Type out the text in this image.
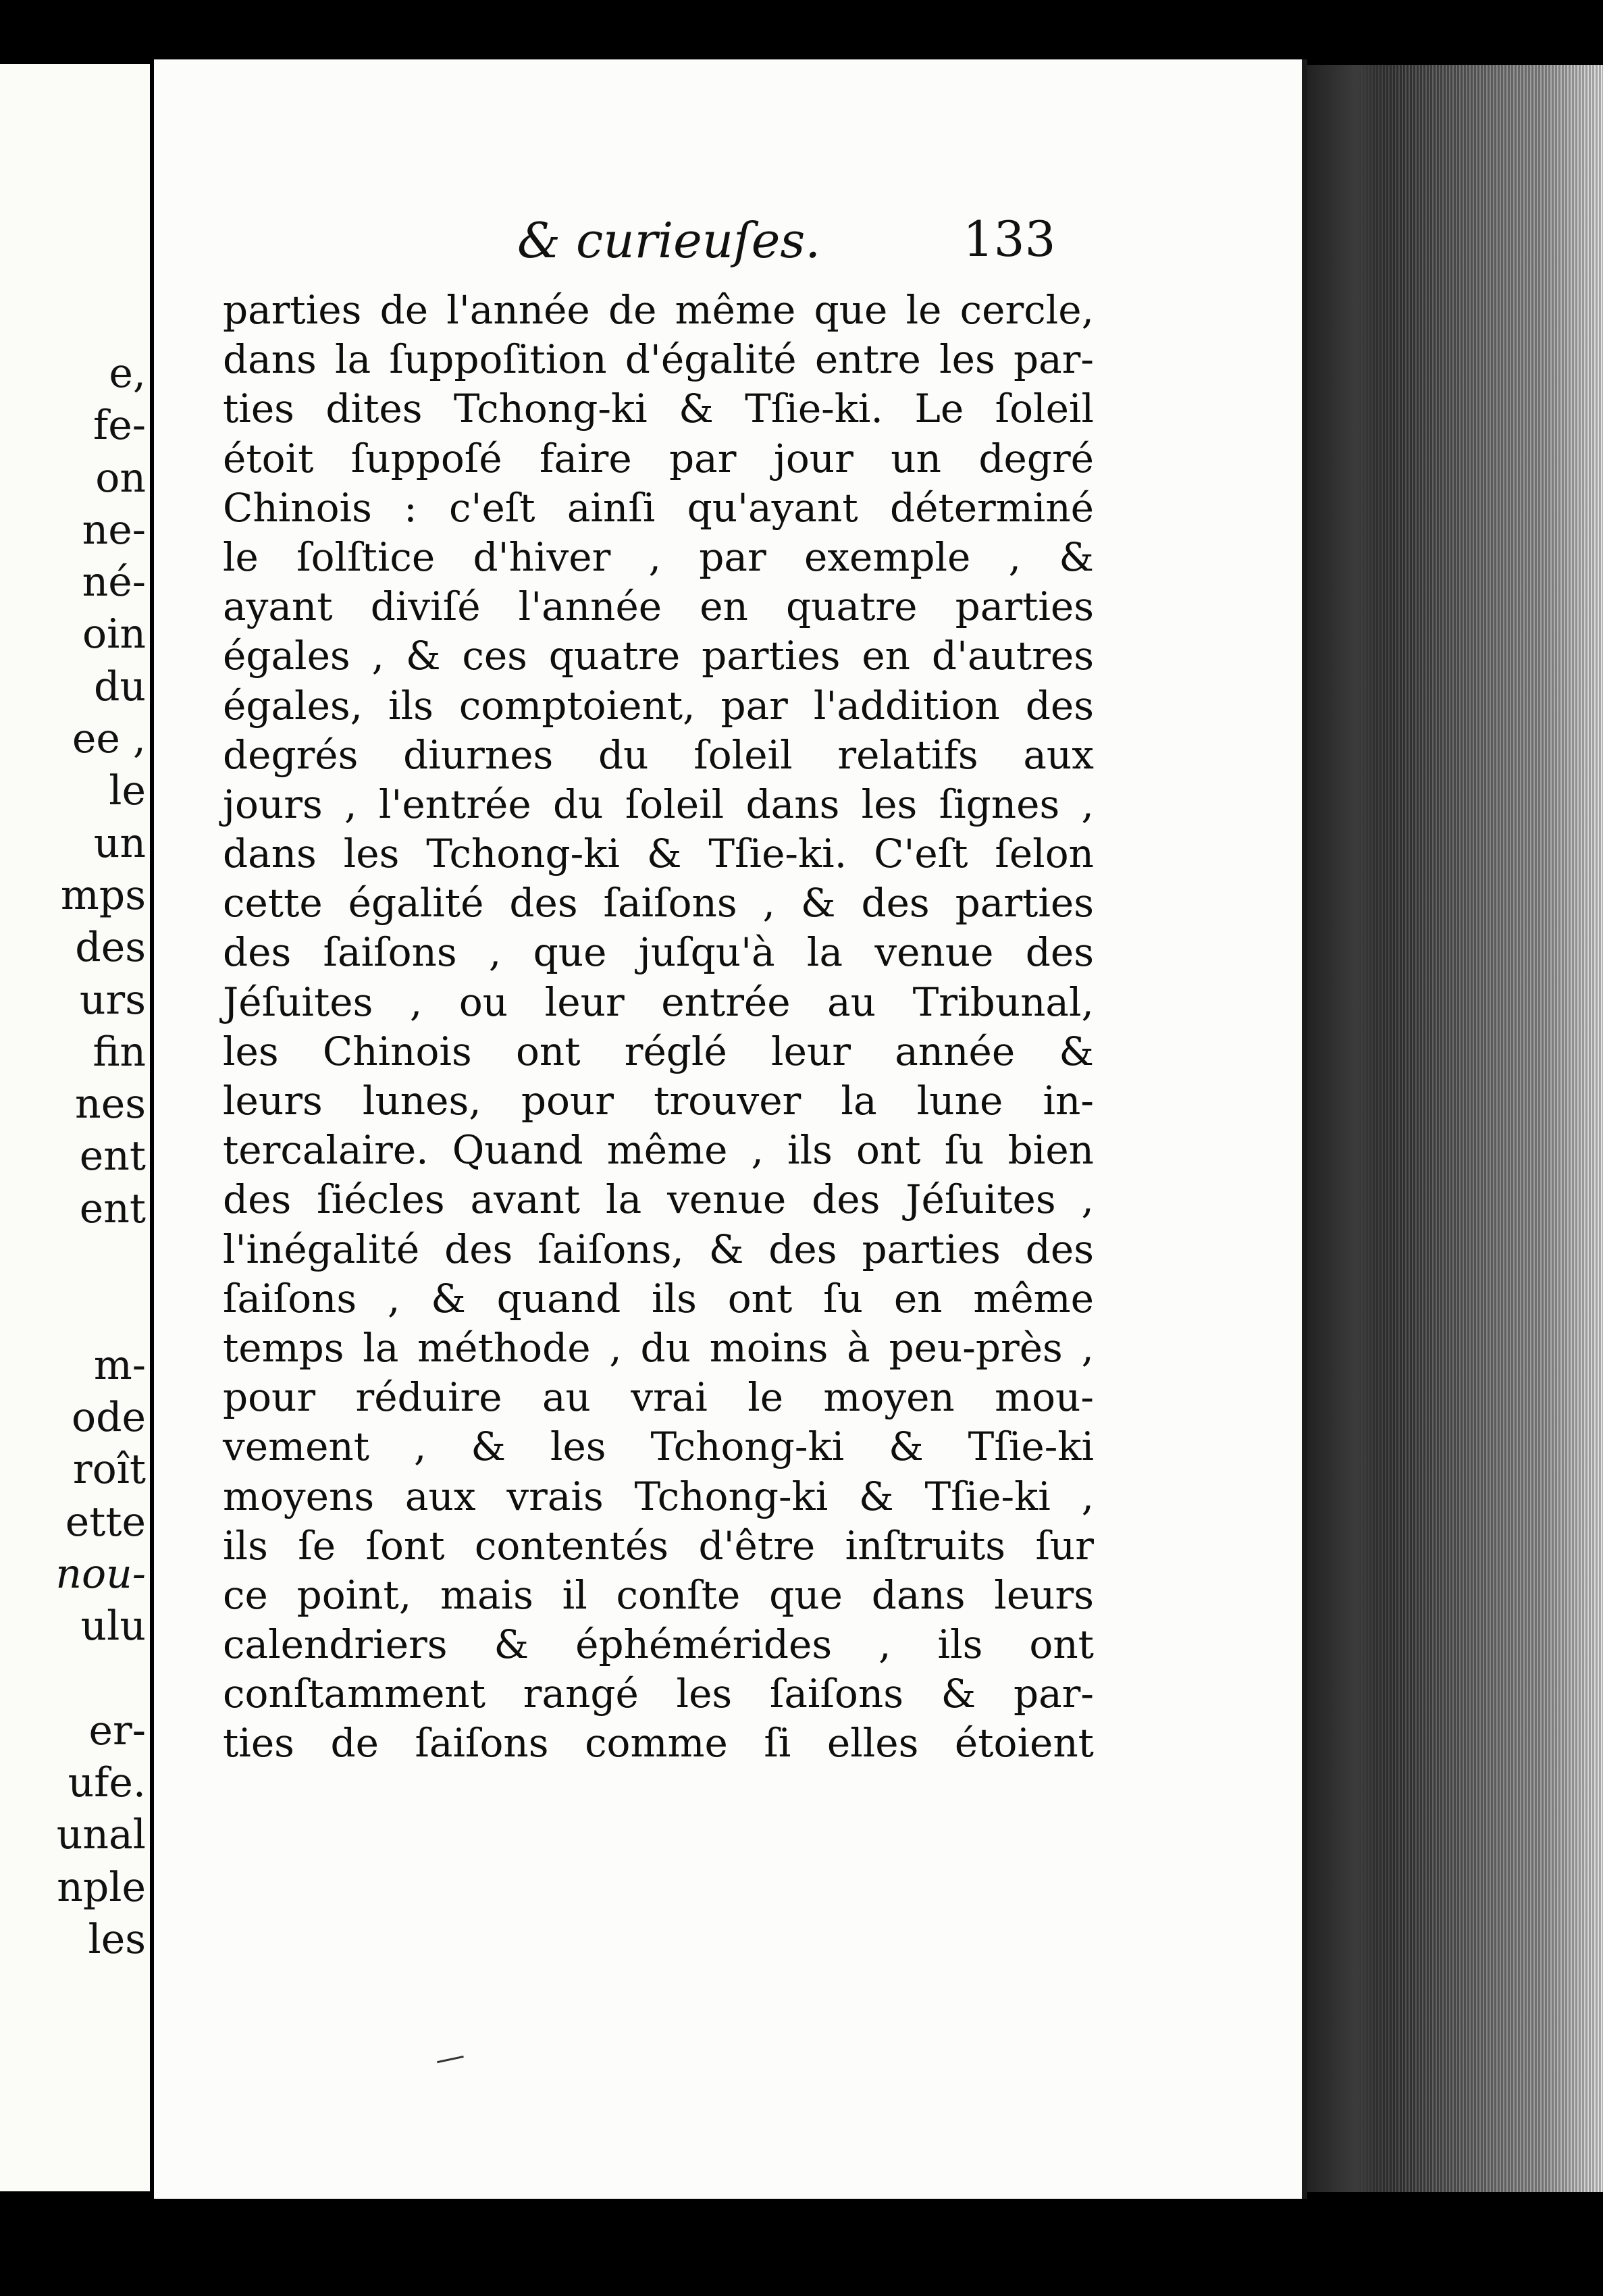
e,
fe-
on
ne-
né-
oin
du
ee ,
le
un
mps
des
urs
fin
nes
ent
ent
m-
ode
roît
ette
nou-
ulu
er-
ufe.
unal
nple
les
& curieuſes.	133
parties de l'année de même que le cercle,
dans la ſuppoſition d'égalité entre les par-
ties dites Tchong-ki & Tſie-ki. Le ſoleil
étoit ſuppoſé faire par jour un degré
Chinois : c'eſt ainſi qu'ayant déterminé
le ſolſtice d'hiver , par exemple , &
ayant diviſé l'année en quatre parties
égales , & ces quatre parties en d'autres
égales, ils comptoient, par l'addition des
degrés diurnes du ſoleil relatifs aux
jours , l'entrée du ſoleil dans les ſignes ,
dans les Tchong-ki & Tſie-ki. C'eſt ſelon
cette égalité des ſaiſons , & des parties
des ſaiſons , que juſqu'à la venue des
Jéſuites , ou leur entrée au Tribunal,
les Chinois ont réglé leur année &
leurs lunes, pour trouver la lune in-
tercalaire. Quand même , ils ont ſu bien
des ſiécles avant la venue des Jéſuites ,
l'inégalité des ſaiſons, & des parties des
ſaiſons , & quand ils ont ſu en même
temps la méthode , du moins à peu-près ,
pour réduire au vrai le moyen mou-
vement , & les Tchong-ki & Tſie-ki
moyens aux vrais Tchong-ki & Tſie-ki ,
ils ſe ſont contentés d'être inſtruits ſur
ce point, mais il conſte que dans leurs
calendriers & éphémérides , ils ont
conſtamment rangé les ſaiſons & par-
ties de ſaiſons comme ſi elles étoient
